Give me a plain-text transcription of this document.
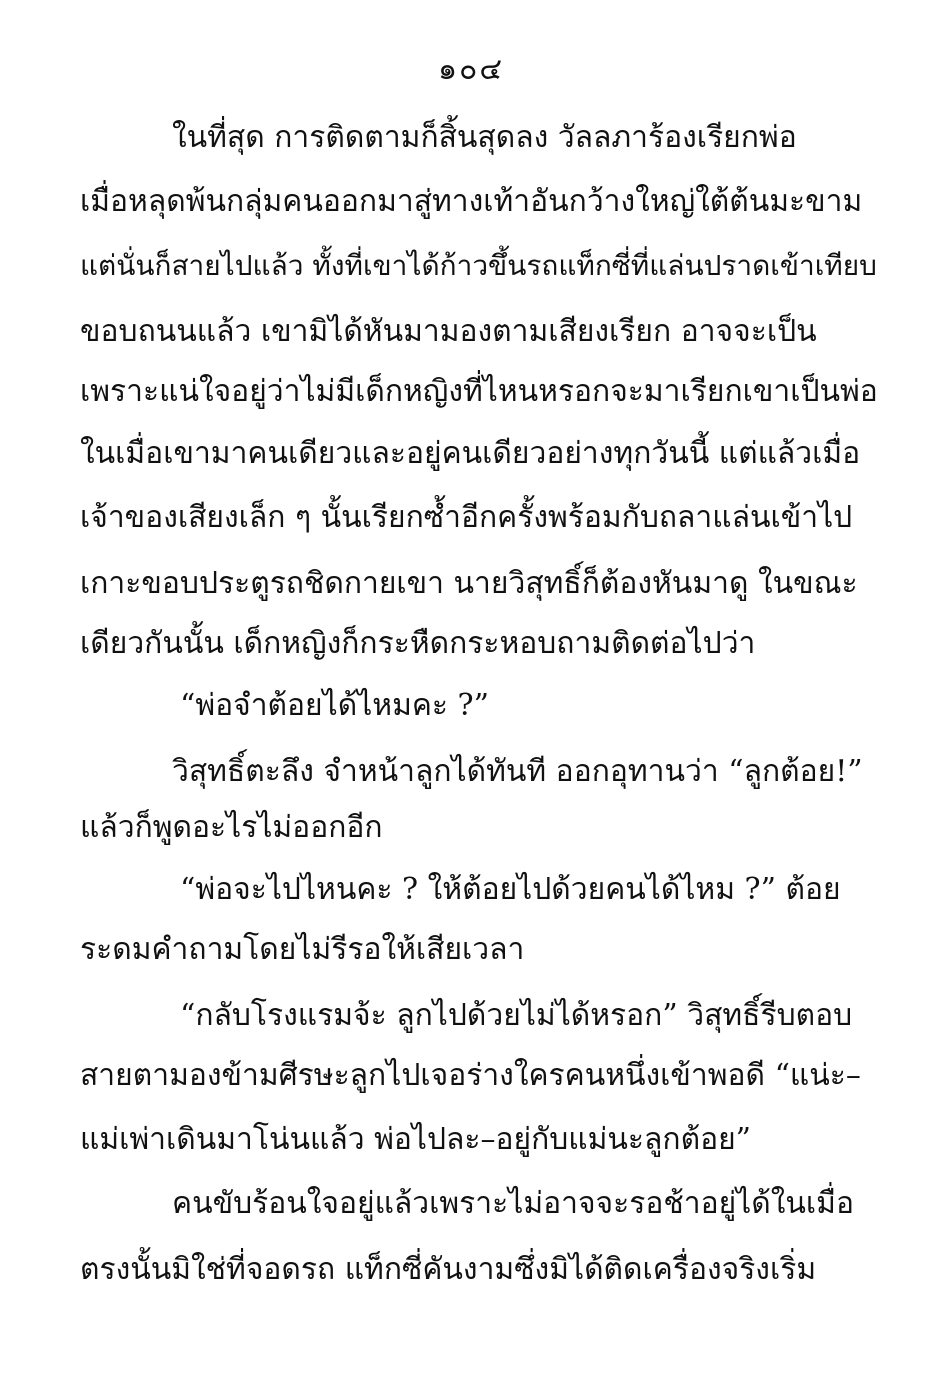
๑๐๔
ในที่สุด การติดตามก็สิ้นสุดลง วัลลภาร้องเรียกพ่อ
เมื่อหลุดพ้นกลุ่มคนออกมาสู่ทางเท้าอันกว้างใหญ่ใต้ต้นมะขาม
แต่นั่นก็สายไปแล้ว ทั้งที่เขาได้ก้าวขึ้นรถแท็กซี่ที่แล่นปราดเข้าเทียบ
ขอบถนนแล้ว เขามิได้หันมามองตามเสียงเรียก อาจจะเป็น
เพราะแน่ใจอยู่ว่าไม่มีเด็กหญิงที่ไหนหรอกจะมาเรียกเขาเป็นพ่อ
ในเมื่อเขามาคนเดียวและอยู่คนเดียวอย่างทุกวันนี้ แต่แล้วเมื่อ
เจ้าของเสียงเล็ก ๆ นั้นเรียกซ้ำอีกครั้งพร้อมกับถลาแล่นเข้าไป
เกาะขอบประตูรถชิดกายเขา นายวิสุทธิ์ก็ต้องหันมาดู ในขณะ
เดียวกันนั้น เด็กหญิงก็กระหืดกระหอบถามติดต่อไปว่า
“พ่อจำต้อยได้ไหมคะ ?”
วิสุทธิ์ตะลึง จำหน้าลูกได้ทันที ออกอุทานว่า “ลูกต้อย!”
แล้วก็พูดอะไรไม่ออกอีก
“พ่อจะไปไหนคะ ? ให้ต้อยไปด้วยคนได้ไหม ?” ต้อย
ระดมคำถามโดยไม่รีรอให้เสียเวลา
“กลับโรงแรมจ้ะ ลูกไปด้วยไม่ได้หรอก” วิสุทธิ์รีบตอบ
สายตามองข้ามศีรษะลูกไปเจอร่างใครคนหนึ่งเข้าพอดี “แน่ะ–
แม่เพ่าเดินมาโน่นแล้ว พ่อไปละ–อยู่กับแม่นะลูกต้อย”
คนขับร้อนใจอยู่แล้วเพราะไม่อาจจะรอช้าอยู่ได้ในเมื่อ
ตรงนั้นมิใช่ที่จอดรถ แท็กซี่คันงามซึ่งมิได้ติดเครื่องจริงเริ่ม
